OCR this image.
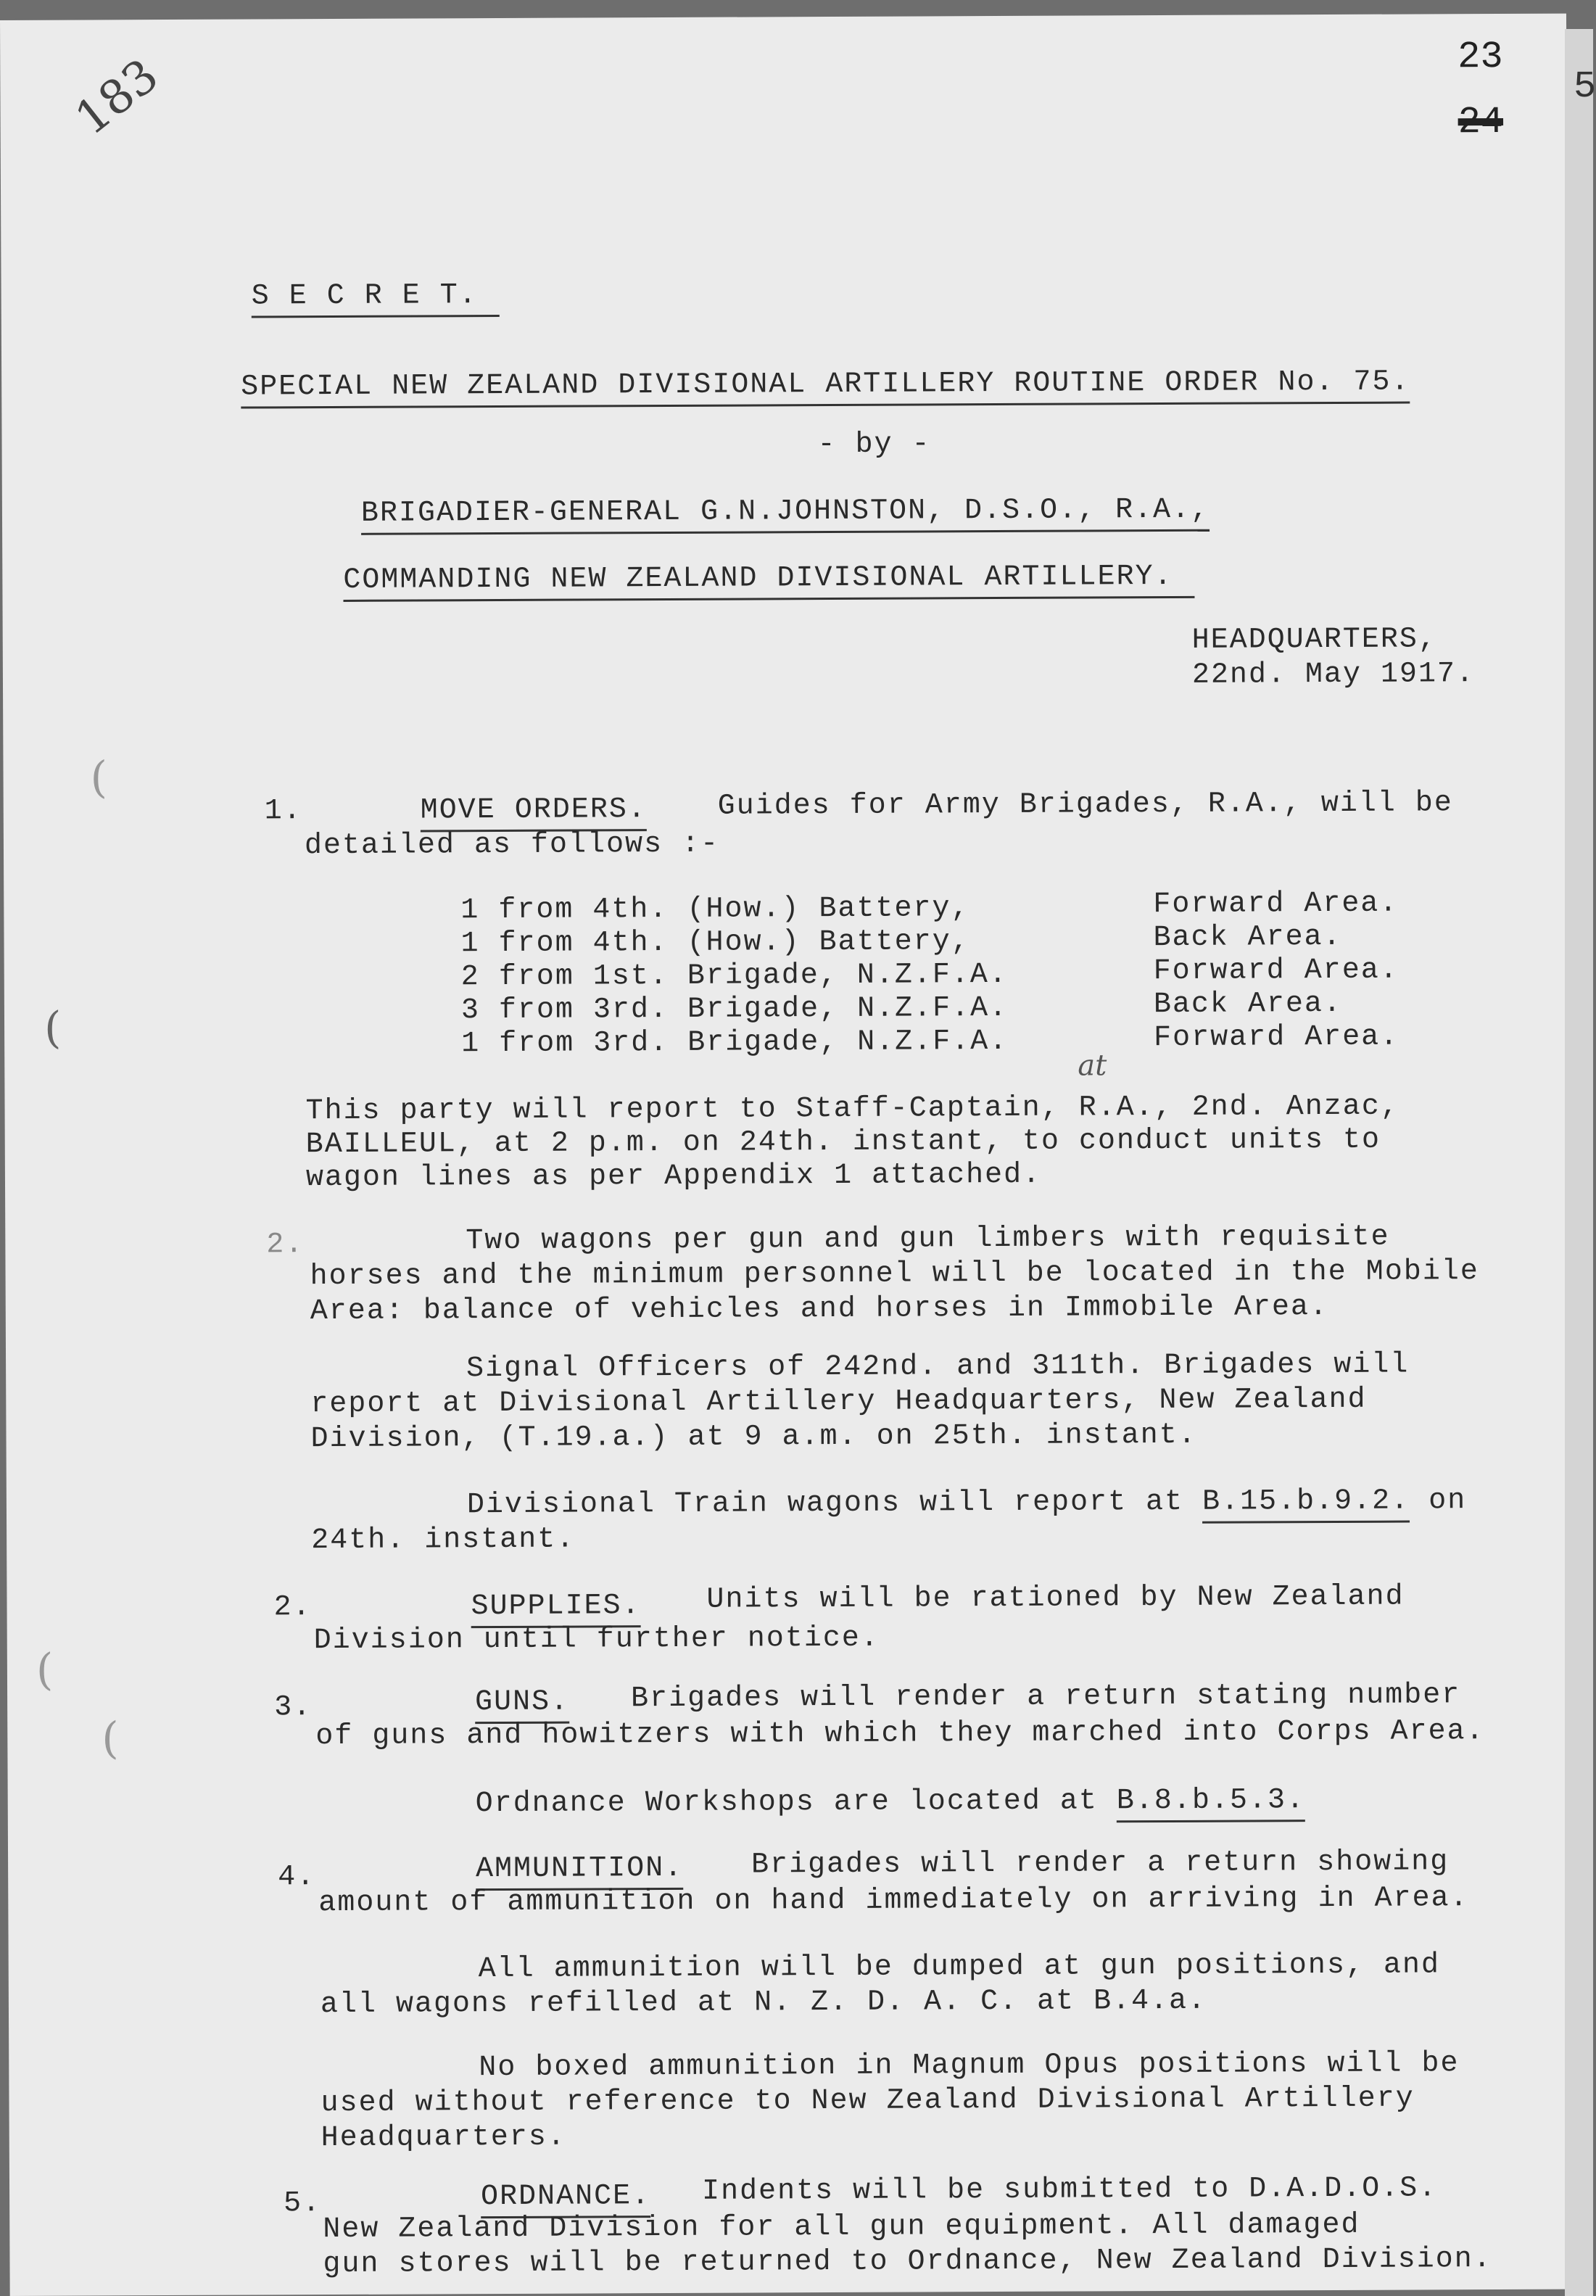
183	23
24
(
(
(
(
S E C R E T.
SPECIAL NEW ZEALAND DIVISIONAL ARTILLERY ROUTINE ORDER No. 75.
- by -
BRIGADIER-GENERAL G.N.JOHNSTON, D.S.O., R.A.,
COMMANDING NEW ZEALAND DIVISIONAL ARTILLERY.
HEADQUARTERS,
22nd. May 1917.
1.	MOVE ORDERS. Guides for Army Brigades, R.A., will be
detailed as follows :-
1 from 4th. (How.) Battery,	Forward Area.
1 from 4th. (How.) Battery,	Back Area.
2 from 1st. Brigade, N.Z.F.A.	Forward Area.
3 from 3rd. Brigade, N.Z.F.A.	Back Area.
1 from 3rd. Brigade, N.Z.F.A.	Forward Area.
at
This party will report to Staff-Captain, R.A., 2nd. Anzac,
BAILLEUL, at 2 p.m. on 24th. instant, to conduct units to
wagon lines as per Appendix 1 attached.
2.	Two wagons per gun and gun limbers with requisite
horses and the minimum personnel will be located in the Mobile
Area: balance of vehicles and horses in Immobile Area.
Signal Officers of 242nd. and 311th. Brigades will
report at Divisional Artillery Headquarters, New Zealand
Division, (T.19.a.) at 9 a.m. on 25th. instant.
Divisional Train wagons will report at B.15.b.9.2. on
24th. instant.
2.	SUPPLIES. Units will be rationed by New Zealand
Division until further notice.
3.	GUNS. Brigades will render a return stating number
of guns and howitzers with which they marched into Corps Area.
Ordnance Workshops are located at B.8.b.5.3.
4.	AMMUNITION. Brigades will render a return showing
amount of ammunition on hand immediately on arriving in Area.
All ammunition will be dumped at gun positions, and
all wagons refilled at N. Z. D. A. C. at B.4.a.
No boxed ammunition in Magnum Opus positions will be
used without reference to New Zealand Divisional Artillery
Headquarters.
5.	ORDNANCE. Indents will be submitted to D.A.D.O.S.
New Zealand Division for all gun equipment. All damaged
gun stores will be returned to Ordnance, New Zealand Division.
5
